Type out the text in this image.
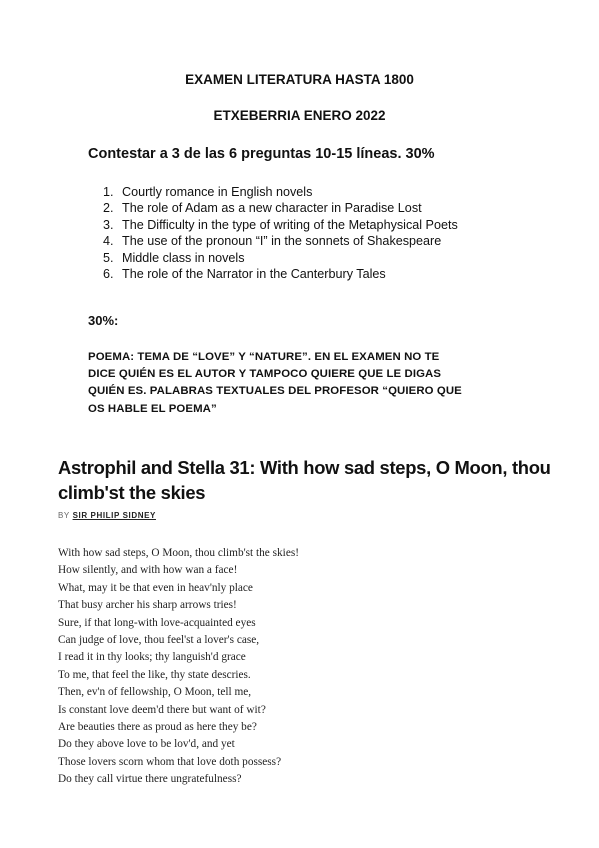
EXAMEN LITERATURA HASTA 1800
ETXEBERRIA ENERO 2022
Contestar a 3 de las 6 preguntas 10-15 líneas. 30%
1. Courtly romance in English novels
2. The role of Adam as a new character in Paradise Lost
3. The Difficulty in the type of writing of the Metaphysical Poets
4. The use of the pronoun “I” in the sonnets of Shakespeare
5. Middle class in novels
6. The role of the Narrator in the Canterbury Tales
30%:
POEMA: TEMA DE “LOVE” Y “NATURE”. EN EL EXAMEN NO TE
DICE QUIÉN ES EL AUTOR Y TAMPOCO QUIERE QUE LE DIGAS
QUIÉN ES. PALABRAS TEXTUALES DEL PROFESOR “QUIERO QUE
OS HABLE EL POEMA”
Astrophil and Stella 31: With how sad steps, O Moon, thou
climb'st the skies
BY SIR PHILIP SIDNEY
With how sad steps, O Moon, thou climb'st the skies!
How silently, and with how wan a face!
What, may it be that even in heav'nly place
That busy archer his sharp arrows tries!
Sure, if that long-with love-acquainted eyes
Can judge of love, thou feel'st a lover's case,
I read it in thy looks; thy languish'd grace
To me, that feel the like, thy state descries.
Then, ev'n of fellowship, O Moon, tell me,
Is constant love deem'd there but want of wit?
Are beauties there as proud as here they be?
Do they above love to be lov'd, and yet
Those lovers scorn whom that love doth possess?
Do they call virtue there ungratefulness?
